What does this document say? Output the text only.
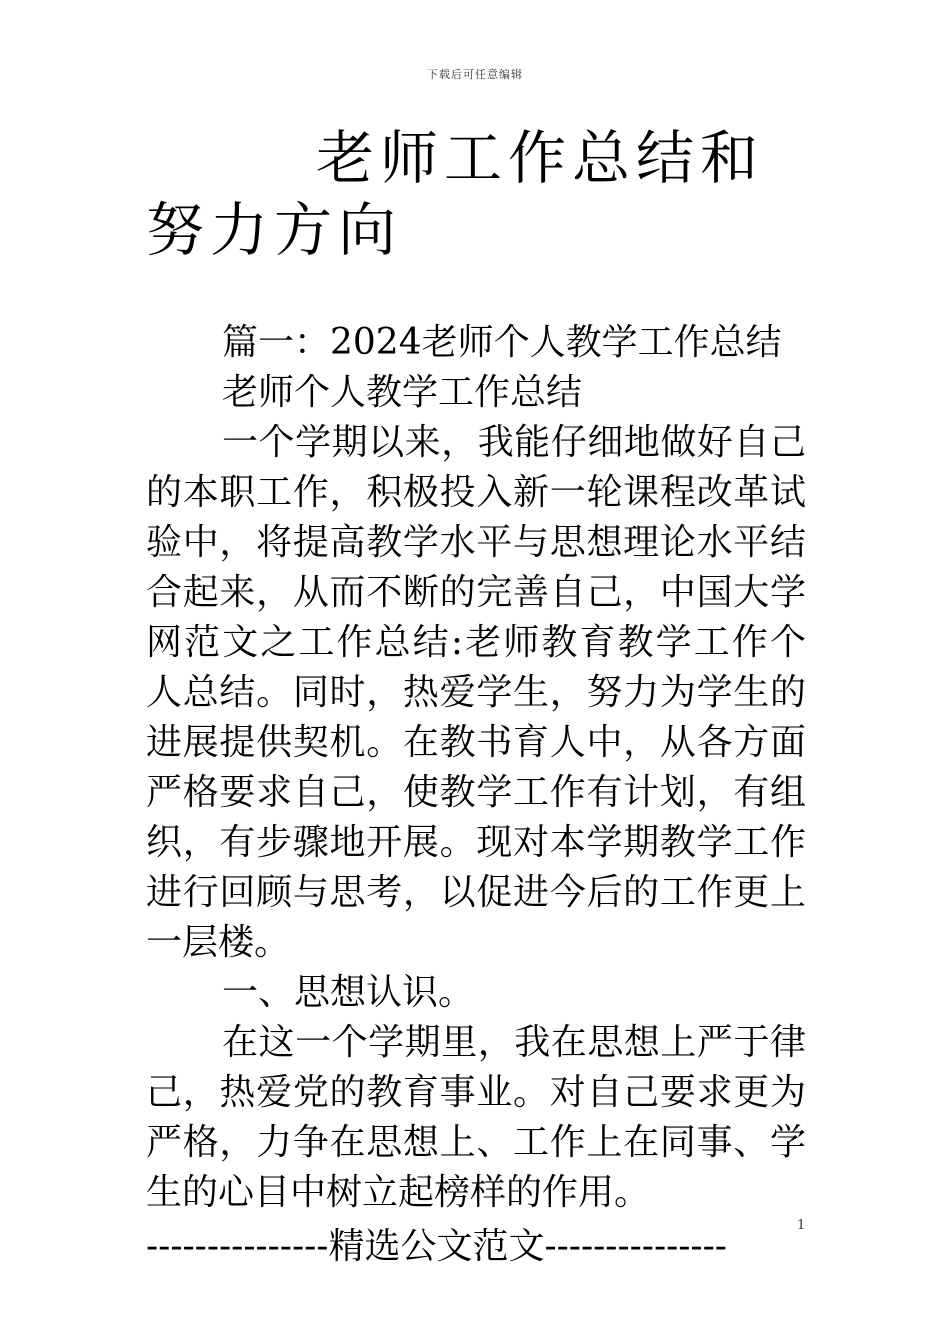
下载后可任意编辑
老师工作总结和努力方向

篇一：2024老师个人教学工作总结

老师个人教学工作总结

一个学期以来，我能仔细地做好自己的本职工作，积极投入新一轮课程改革试验中，将提高教学水平与思想理论水平结合起来，从而不断的完善自己，中国大学网范文之工作总结:老师教育教学工作个人总结。同时，热爱学生，努力为学生的进展提供契机。在教书育人中，从各方面严格要求自己，使教学工作有计划，有组织，有步骤地开展。现对本学期教学工作进行回顾与思考，以促进今后的工作更上一层楼。

一、思想认识。

在这一个学期里，我在思想上严于律己，热爱党的教育事业。对自己要求更为严格，力争在思想上、工作上在同事、学生的心目中树立起榜样的作用。

---------------精选公文范文---------------
1
